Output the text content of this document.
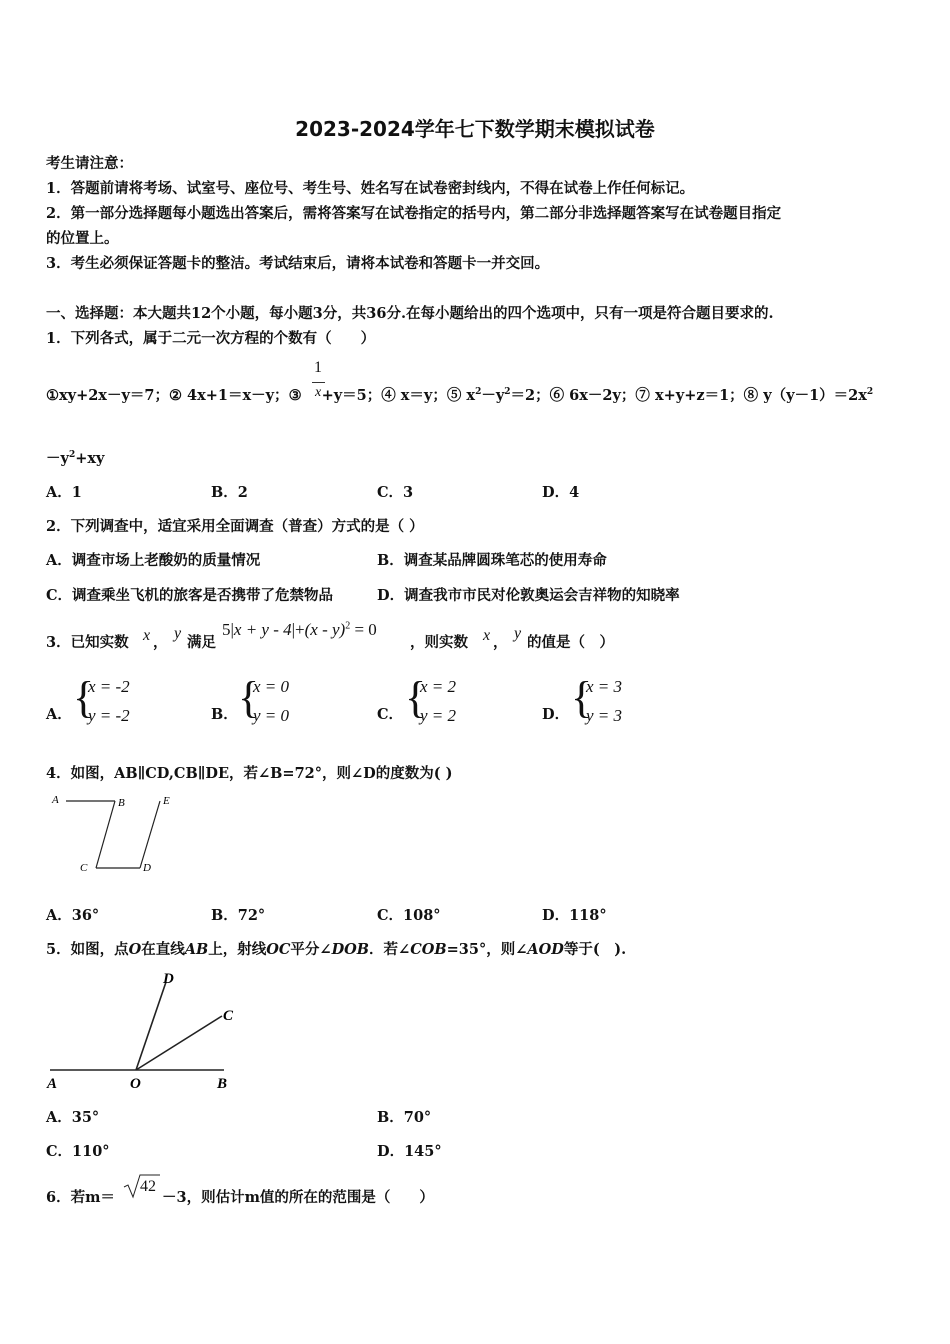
2023-2024学年七下数学期末模拟试卷
考生请注意：
1．答题前请将考场、试室号、座位号、考生号、姓名写在试卷密封线内，不得在试卷上作任何标记。
2．第一部分选择题每小题选出答案后，需将答案写在试卷指定的括号内，第二部分非选择题答案写在试卷题目指定
的位置上。
3．考生必须保证答题卡的整洁。考试结束后，请将本试卷和答题卡一并交回。
一、选择题：本大题共12个小题，每小题3分，共36分.在每小题给出的四个选项中，只有一项是符合题目要求的.
1．下列各式，属于二元一次方程的个数有（　　）
①xy+2x－y＝7；② 4x+1＝x－y；③ +y＝5；④ x＝y；⑤ $x^2-y^2=2$；⑥ 6x－2y；⑦ x+y+z＝1；⑧ $y(y-1)=2x^2$
1
x
$-y^2+xy$
A．1	B．2	C．3	D．4
2．下列调查中，适宜采用全面调查（普查）方式的是（ ）
A．调查市场上老酸奶的质量情况	B．调查某品牌圆珠笔芯的使用寿命
C．调查乘坐飞机的旅客是否携带了危禁物品	D．调查我市市民对伦敦奥运会吉祥物的知晓率
3．已知实数 x ，
y
满足
5|x + y - 4|+(x - y)$^2$ = 0
，则实数 x ，
y
的值是（　）
A． {
x = -2
y = -2	B． {
x = 0
y = 0	C． {
x = 2
y = 2	D． {
x = 3
y = 3
4．如图，AB∥CD,CB∥DE，若∠B=72°，则∠D的度数为( )
A	B
C	D
E
A．36°	B．72°	C．108°	D．118°
5．如图，点O在直线AB上，射线OC平分∠DOB．若∠COB=35°，则∠AOD等于(　).
A	O	B
C
D
A．35°	B．70°
C．110°	D．145°
6．若m＝
42
－3，则估计m值的所在的范围是（　　）
